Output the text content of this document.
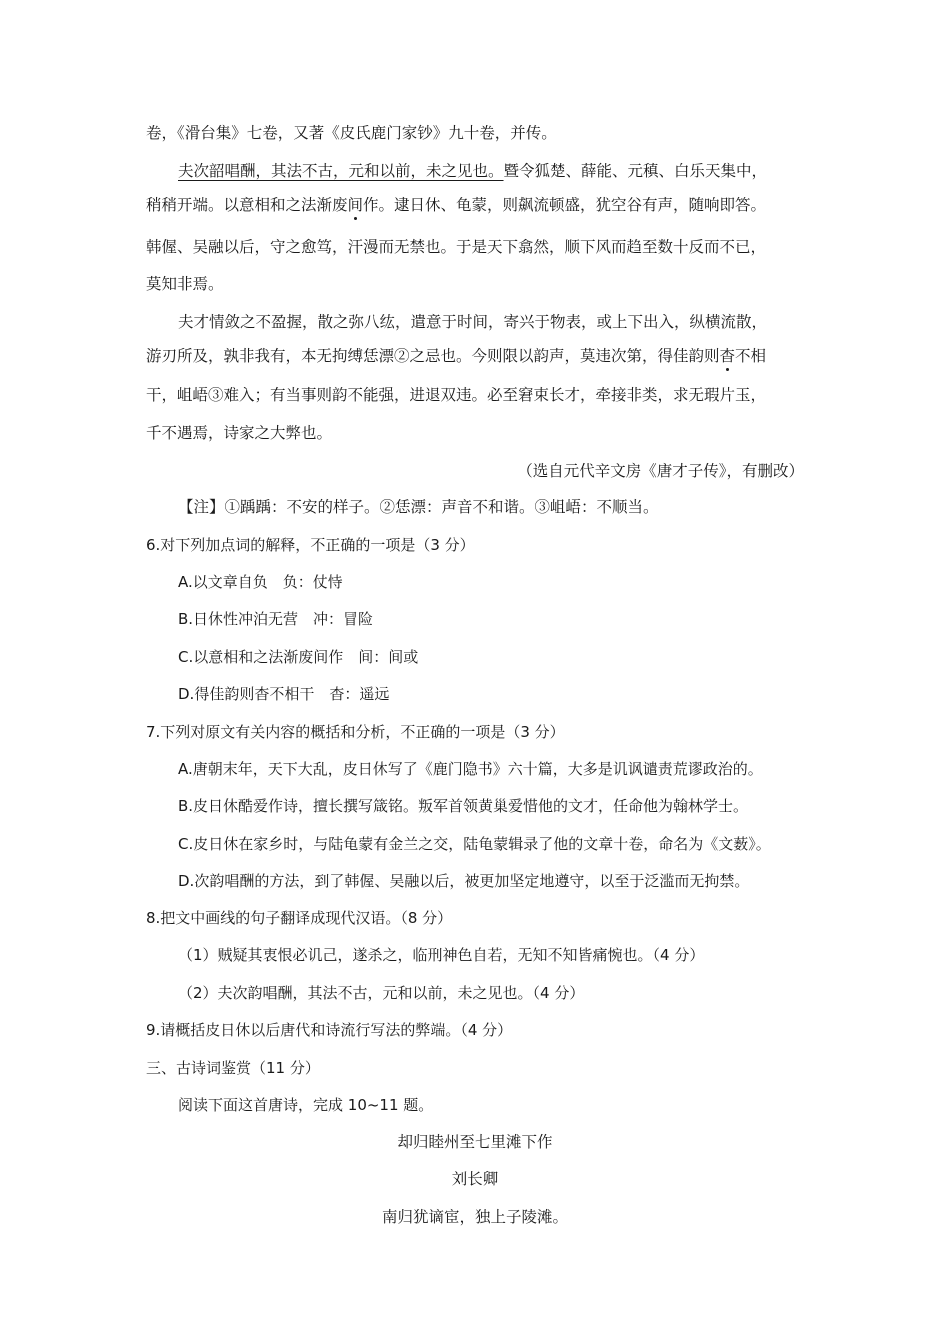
卷，《滑台集》七卷，又著《皮氏鹿门家钞》九十卷，并传。
夫次韶唱酬，其法不古，元和以前，未之见也。暨令狐楚、薛能、元稹、白乐天集中，
稍稍开端。以意相和之法渐废间作。逮日休、龟蒙，则飙流顿盛，犹空谷有声，随响即答。
韩偓、吴融以后，守之愈笃，汗漫而无禁也。于是天下翕然，顺下风而趋至数十反而不已，
莫知非焉。
夫才情敛之不盈握，散之弥八纮，遣意于时间，寄兴于物表，或上下出入，纵横流散，
游刃所及，孰非我有，本无拘缚恁漂②之忌也。今则限以韵声，莫违次第，得佳韵则杳不相
干，岨峿③难入；有当事则韵不能强，进退双违。必至窘束长才，牵接非类，求无瑕片玉，
千不遇焉，诗家之大弊也。
（选自元代辛文房《唐才子传》，有删改）
【注】①踽踽：不安的样子。②恁漂：声音不和谐。③岨峿：不顺当。
6.对下列加点词的解释，不正确的一项是（3 分）
A.以文章自负　负：仗恃
B.日休性冲泊无营　冲：冒险
C.以意相和之法渐废间作　间：间或
D.得佳韵则杳不相干　杳：遥远
7.下列对原文有关内容的概括和分析，不正确的一项是（3 分）
A.唐朝末年，天下大乱，皮日休写了《鹿门隐书》六十篇，大多是讥讽谴责荒谬政治的。
B.皮日休酷爱作诗，擅长撰写箴铭。叛军首领黄巢爱惜他的文才，任命他为翰林学士。
C.皮日休在家乡时，与陆龟蒙有金兰之交，陆龟蒙辑录了他的文章十卷，命名为《文薮》。
D.次韵唱酬的方法，到了韩偓、吴融以后，被更加坚定地遵守，以至于泛滥而无拘禁。
8.把文中画线的句子翻译成现代汉语。（8 分）
（1）贼疑其衷恨必讥己，遂杀之，临刑神色自若，无知不知皆痛惋也。（4 分）
（2）夫次韵唱酬，其法不古，元和以前，未之见也。（4 分）
9.请概括皮日休以后唐代和诗流行写法的弊端。（4 分）
三、古诗词鉴赏（11 分）
阅读下面这首唐诗，完成 10~11 题。
却归睦州至七里滩下作
刘长卿
南归犹谪宦，独上子陵滩。
